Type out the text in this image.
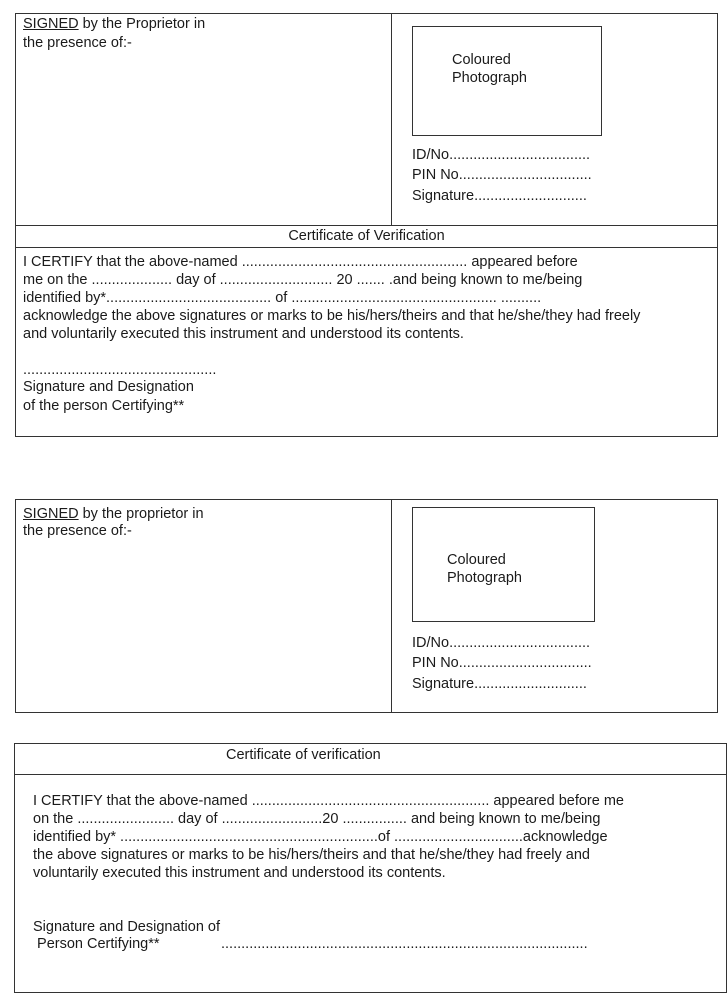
SIGNED by the Proprietor in
the presence of:-
Coloured
Photograph
ID/No...................................
PIN No.................................
Signature............................
Certificate of Verification
I CERTIFY that the above-named ........................................................ appeared before
me on the .................... day of ............................ 20 ....... .and being known to me/being
identified by*......................................... of ................................................... ..........
acknowledge the above signatures or marks to be his/hers/theirs and that he/she/they had freely
and voluntarily executed this instrument and understood its contents.
................................................
Signature and Designation
of the person Certifying**
SIGNED by the proprietor in
the presence of:-
Coloured
Photograph
ID/No...................................
PIN No.................................
Signature............................
Certificate of verification
I CERTIFY that the above-named ........................................................... appeared before me
on the ........................ day of .........................20 ................ and being known to me/being
identified by* ................................................................of ................................acknowledge
the above signatures or marks to be his/hers/theirs and that he/she/they had freely and
voluntarily executed this instrument and understood its contents.
Signature and Designation of
Person Certifying**	...........................................................................................
